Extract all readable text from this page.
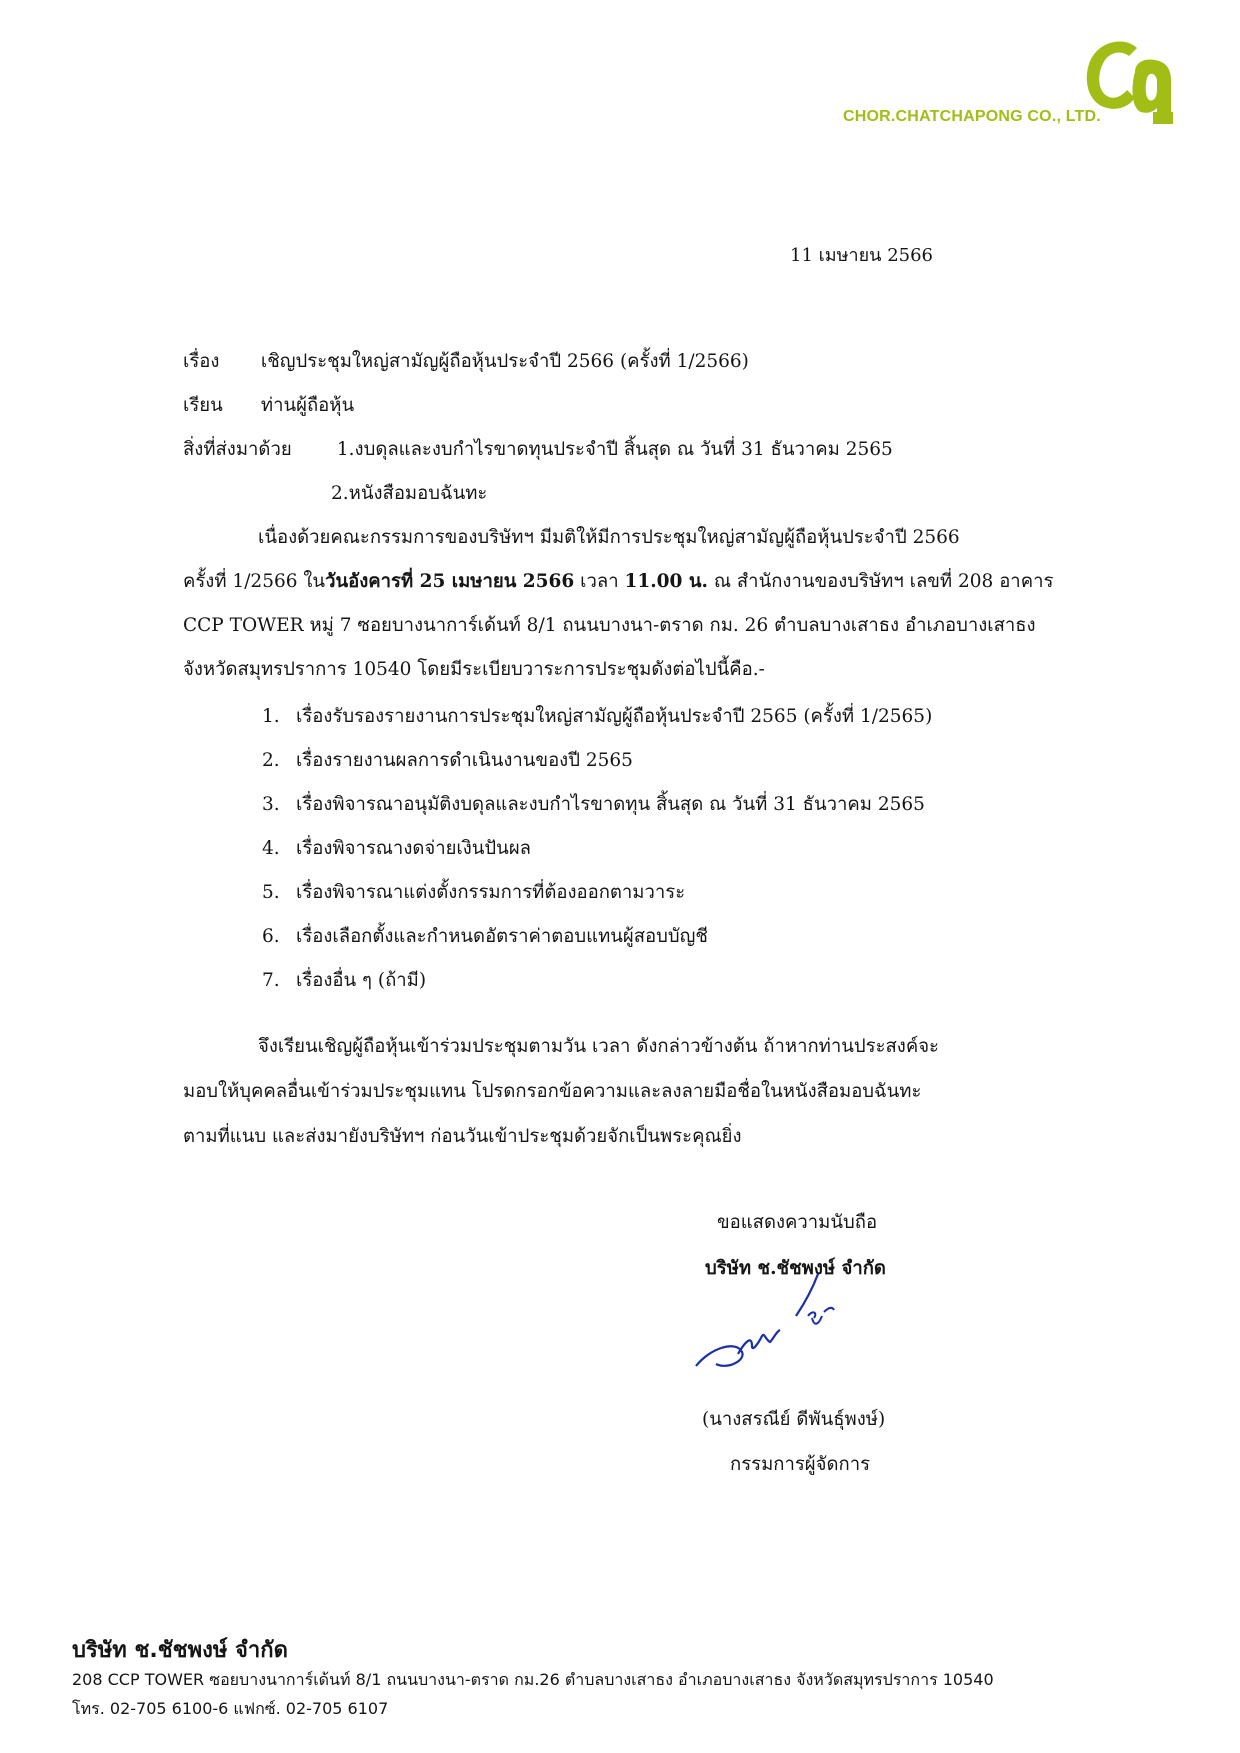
CHOR.CHATCHAPONG CO., LTD.
11 เมษายน 2566
เรื่อง เชิญประชุมใหญ่สามัญผู้ถือหุ้นประจำปี 2566 (ครั้งที่ 1/2566)
เรียน ท่านผู้ถือหุ้น
สิ่งที่ส่งมาด้วย 1.งบดุลและงบกำไรขาดทุนประจำปี สิ้นสุด ณ วันที่ 31 ธันวาคม 2565
2.หนังสือมอบฉันทะ
เนื่องด้วยคณะกรรมการของบริษัทฯ มีมติให้มีการประชุมใหญ่สามัญผู้ถือหุ้นประจำปี 2566
ครั้งที่ 1/2566 ในวันอังคารที่ 25 เมษายน 2566 เวลา 11.00 น. ณ สำนักงานของบริษัทฯ เลขที่ 208 อาคาร
CCP TOWER หมู่ 7 ซอยบางนาการ์เด้นท์ 8/1 ถนนบางนา-ตราด กม. 26 ตำบลบางเสาธง อำเภอบางเสาธง
จังหวัดสมุทรปราการ 10540 โดยมีระเบียบวาระการประชุมดังต่อไปนี้คือ.-
1. เรื่องรับรองรายงานการประชุมใหญ่สามัญผู้ถือหุ้นประจำปี 2565 (ครั้งที่ 1/2565)
2. เรื่องรายงานผลการดำเนินงานของปี 2565
3. เรื่องพิจารณาอนุมัติงบดุลและงบกำไรขาดทุน สิ้นสุด ณ วันที่ 31 ธันวาคม 2565
4. เรื่องพิจารณางดจ่ายเงินปันผล
5. เรื่องพิจารณาแต่งตั้งกรรมการที่ต้องออกตามวาระ
6. เรื่องเลือกตั้งและกำหนดอัตราค่าตอบแทนผู้สอบบัญชี
7. เรื่องอื่น ๆ (ถ้ามี)
จึงเรียนเชิญผู้ถือหุ้นเข้าร่วมประชุมตามวัน เวลา ดังกล่าวข้างต้น ถ้าหากท่านประสงค์จะ
มอบให้บุคคลอื่นเข้าร่วมประชุมแทน โปรดกรอกข้อความและลงลายมือชื่อในหนังสือมอบฉันทะ
ตามที่แนบ และส่งมายังบริษัทฯ ก่อนวันเข้าประชุมด้วยจักเป็นพระคุณยิ่ง
ขอแสดงความนับถือ
บริษัท ช.ชัชพงษ์ จำกัด
(นางสรณีย์ ดีพันธุ์พงษ์)
กรรมการผู้จัดการ
บริษัท ช.ชัชพงษ์ จำกัด
208 CCP TOWER ซอยบางนาการ์เด้นท์ 8/1 ถนนบางนา-ตราด กม.26 ตำบลบางเสาธง อำเภอบางเสาธง จังหวัดสมุทรปราการ 10540
โทร. 02-705 6100-6 แฟกซ์. 02-705 6107
